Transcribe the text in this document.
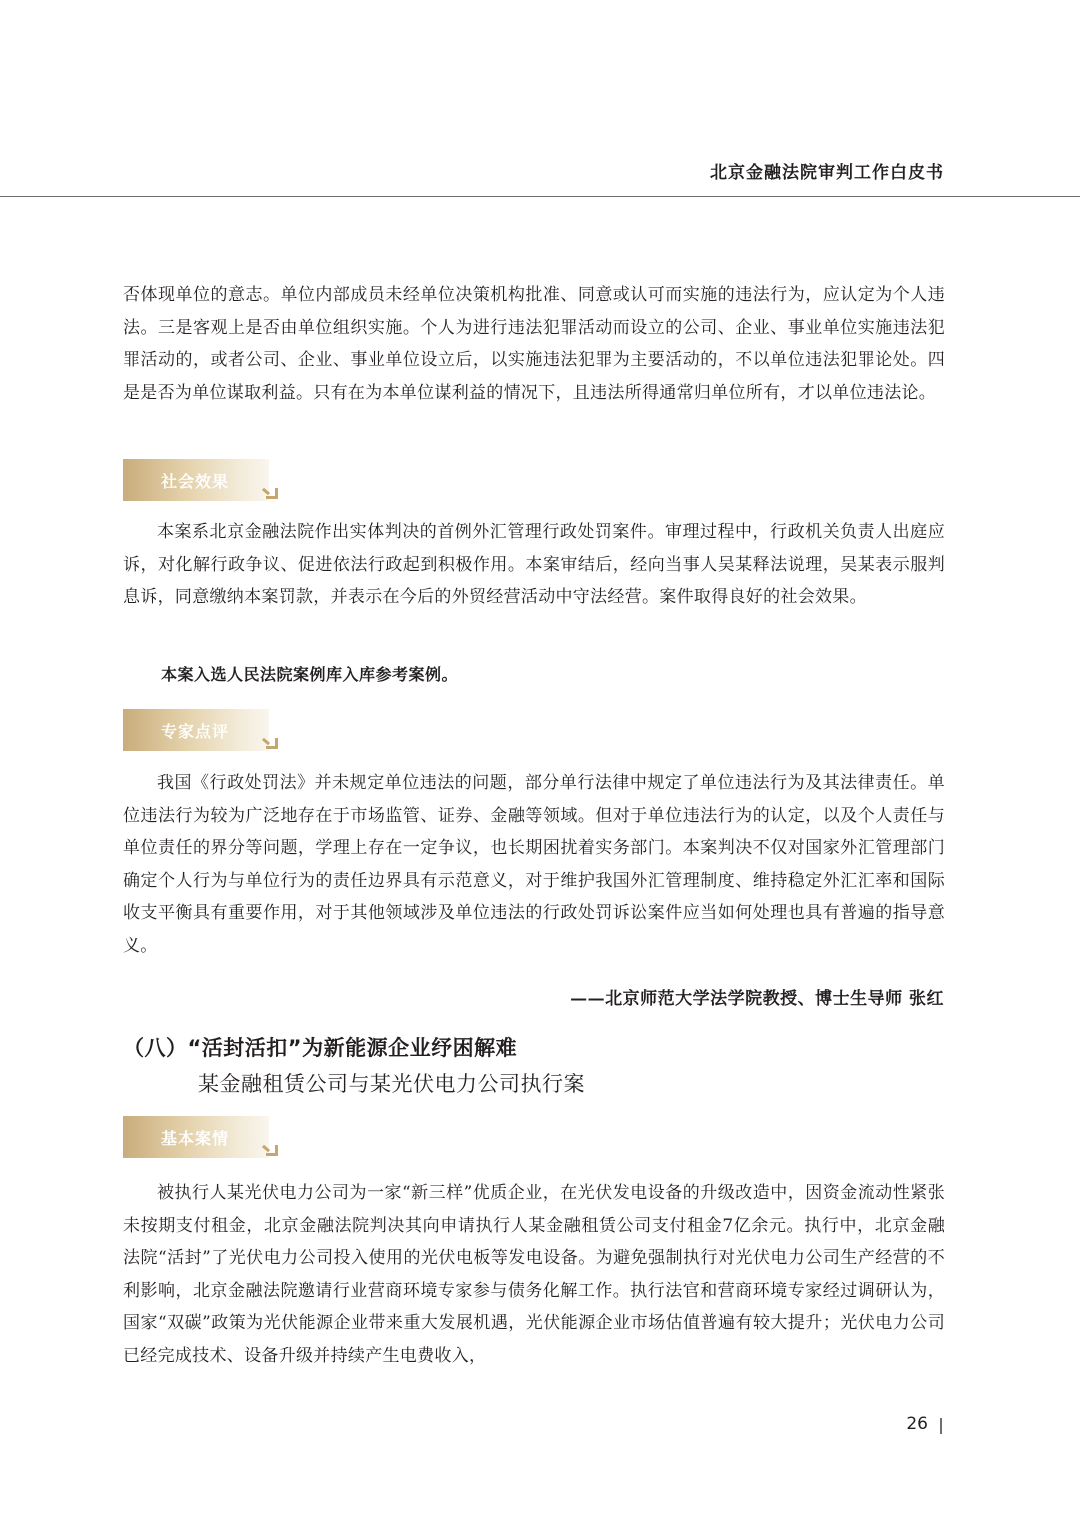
北京金融法院审判工作白皮书

否体现单位的意志。单位内部成员未经单位决策机构批准、同意或认可而实施的违法行为，应认定为个人违法。三是客观上是否由单位组织实施。个人为进行违法犯罪活动而设立的公司、企业、事业单位实施违法犯罪活动的，或者公司、企业、事业单位设立后，以实施违法犯罪为主要活动的，不以单位违法犯罪论处。四是是否为单位谋取利益。只有在为本单位谋利益的情况下，且违法所得通常归单位所有，才以单位违法论。

社会效果

本案系北京金融法院作出实体判决的首例外汇管理行政处罚案件。审理过程中，行政机关负责人出庭应诉，对化解行政争议、促进依法行政起到积极作用。本案审结后，经向当事人吴某释法说理，吴某表示服判息诉，同意缴纳本案罚款，并表示在今后的外贸经营活动中守法经营。案件取得良好的社会效果。

本案入选人民法院案例库入库参考案例。
专家点评

我国《行政处罚法》并未规定单位违法的问题，部分单行法律中规定了单位违法行为及其法律责任。单位违法行为较为广泛地存在于市场监管、证券、金融等领域。但对于单位违法行为的认定，以及个人责任与单位责任的界分等问题，学理上存在一定争议，也长期困扰着实务部门。本案判决不仅对国家外汇管理部门确定个人行为与单位行为的责任边界具有示范意义，对于维护我国外汇管理制度、维持稳定外汇汇率和国际收支平衡具有重要作用，对于其他领域涉及单位违法的行政处罚诉讼案件应当如何处理也具有普遍的指导意义。

——北京师范大学法学院教授、博士生导师 张红
（八）“活封活扣”为新能源企业纾困解难
某金融租赁公司与某光伏电力公司执行案
基本案情

被执行人某光伏电力公司为一家“新三样”优质企业，在光伏发电设备的升级改造中，因资金流动性紧张未按期支付租金，北京金融法院判决其向申请执行人某金融租赁公司支付租金7亿余元。执行中，北京金融法院“活封”了光伏电力公司投入使用的光伏电板等发电设备。为避免强制执行对光伏电力公司生产经营的不利影响，北京金融法院邀请行业营商环境专家参与债务化解工作。执行法官和营商环境专家经过调研认为，国家“双碳”政策为光伏能源企业带来重大发展机遇，光伏能源企业市场估值普遍有较大提升；光伏电力公司已经完成技术、设备升级并持续产生电费收入，

26
